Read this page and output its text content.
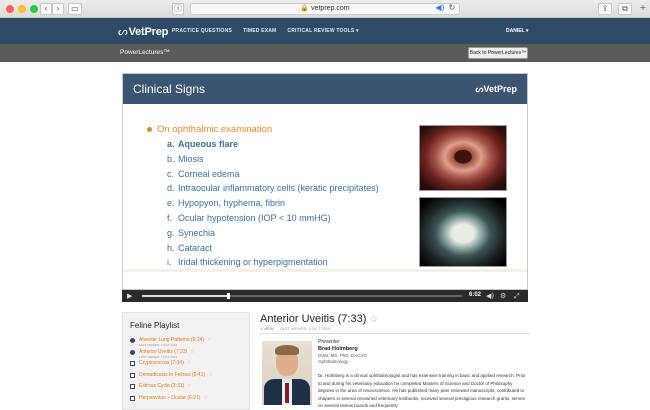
‹	›	▭	ⓘ	🔒 vetprep.com	◀) ↻	⇪	⧉	+
ᔕVetPrep PRACTICE QUESTIONS TIMED EXAM CRITICAL REVIEW TOOLS ▾	DANIEL ▾
PowerLectures™	Back to PowerLectures™
Clinical Signs	ᔕVetPrep
On ophthalmic examination
a. Aqueous flare
b. Miosis
c. Corneal edema
d. Intraocular inflammatory cells (keratic precipitates)
e. Hypopyon, hyphema, fibrin
f. Ocular hypotension (IOP < 10 mmHG)
g. Synechia
h. Cataract
i. Iridal thickening or hyperpigmentation
▶	6:02 ◀) ⚙ ⤢
Feline Playlist
Alveolar Lung Patterns (6:14) ☆
LAST VIEWED: 3 OCT 2019
Anterior Uveitis (7:33) ☆
LAST VIEWED: 3 OCT 2019
Cryptococcus (7:34) ☆
Demodicosis In Felines (9:41) ☆
Estrous Cycle (3:31) ☆
Herpesvirus – Ocular (6:21) ☆
Anterior Uveitis (7:33) ☆
1 VIEW LAST VIEWED: 3 OCT 2019
Presenter
Brad Holmberg
DVM, MS, PhD, DACVO
Ophthalmology
Dr. Holmberg is a clinical ophthalmologist and has extensive training in basic and applied research. Prior to and during his veterinary education he completed Masters of Science and Doctor of Philosophy degrees in the area of neuroscience. He has published many peer reviewed manuscripts, contributed to chapters in several renowned veterinary textbooks, received several prestigious research grants, serves on several review boards and frequently
